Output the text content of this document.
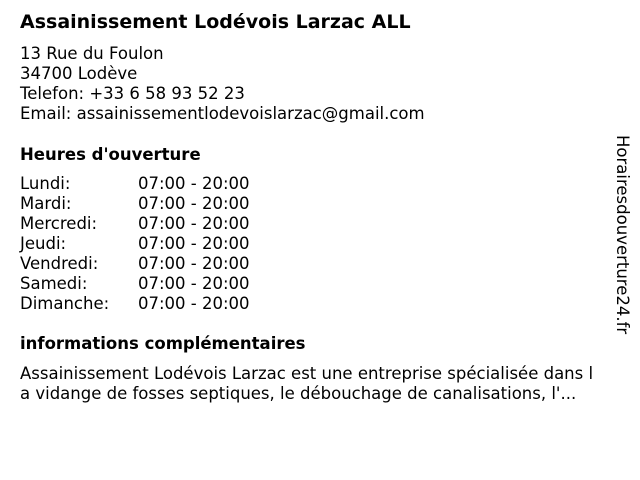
Assainissement Lodévois Larzac ALL
13 Rue du Foulon
34700 Lodève
Telefon: +33 6 58 93 52 23
Email: assainissementlodevoislarzac@gmail.com
Heures d'ouverture
Lundi:	07:00 - 20:00
Mardi:	07:00 - 20:00
Mercredi: 07:00 - 20:00
Jeudi:	07:00 - 20:00
Vendredi: 07:00 - 20:00
Samedi:	07:00 - 20:00
Dimanche: 07:00 - 20:00
informations complémentaires
Assainissement Lodévois Larzac est une entreprise spécialisée dans l
a vidange de fosses septiques, le débouchage de canalisations, l'...
Horairesdouverture24.fr
